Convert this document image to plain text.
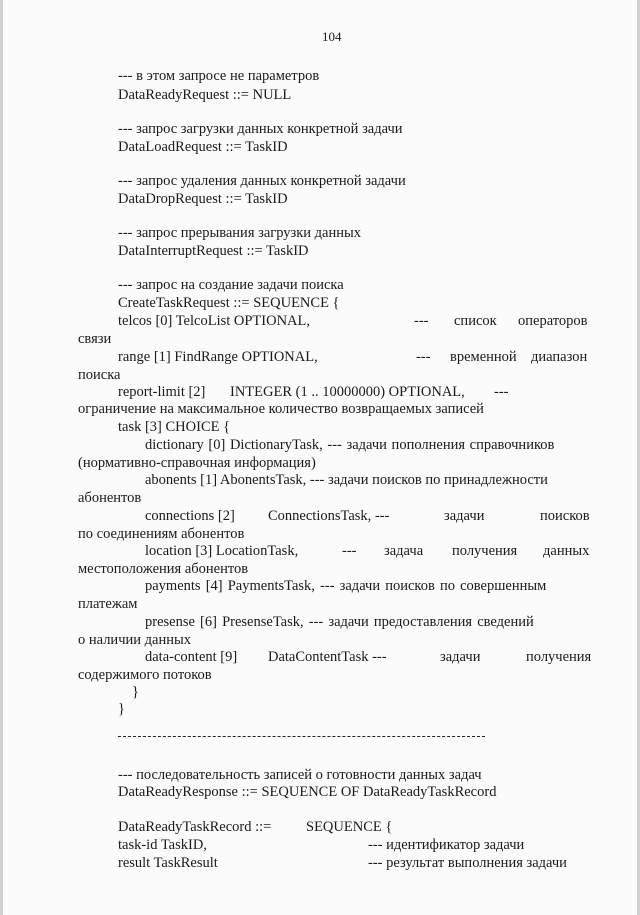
104
--- в этом запросе не параметров
DataReadyRequest ::= NULL
--- запрос загрузки данных конкретной задачи
DataLoadRequest ::= TaskID
--- запрос удаления данных конкретной задачи
DataDropRequest ::= TaskID
--- запрос прерывания загрузки данных
DataInterruptRequest ::= TaskID
--- запрос на создание задачи поиска
CreateTaskRequest ::= SEQUENCE {
telcos [0] TelcoList OPTIONAL,	--- список операторов
связи
range [1] FindRange OPTIONAL,	--- временной диапазон
поиска
report-limit [2] INTEGER (1 .. 10000000) OPTIONAL, ---
ограничение на максимальное количество возвращаемых записей
task [3] CHOICE {
dictionary [0] DictionaryTask, --- задачи пополнения справочников
(нормативно-справочная информация)
abonents [1] AbonentsTask, --- задачи поисков по принадлежности
абонентов
connections [2] ConnectionsTask, ---	задачи	поисков
по соединениям абонентов
location [3] LocationTask,	--- задача получения данных
местоположения абонентов
payments [4] PaymentsTask, --- задачи поисков по совершенным
платежам
presense [6] PresenseTask, --- задачи предоставления сведений
о наличии данных
data-content [9] DataContentTask ---	задачи	получения
содержимого потоков
}
}
--- последовательность записей о готовности данных задач
DataReadyResponse ::= SEQUENCE OF DataReadyTaskRecord
DataReadyTaskRecord ::= SEQUENCE {
task-id TaskID,	--- идентификатор задачи
result TaskResult	--- результат выполнения задачи
